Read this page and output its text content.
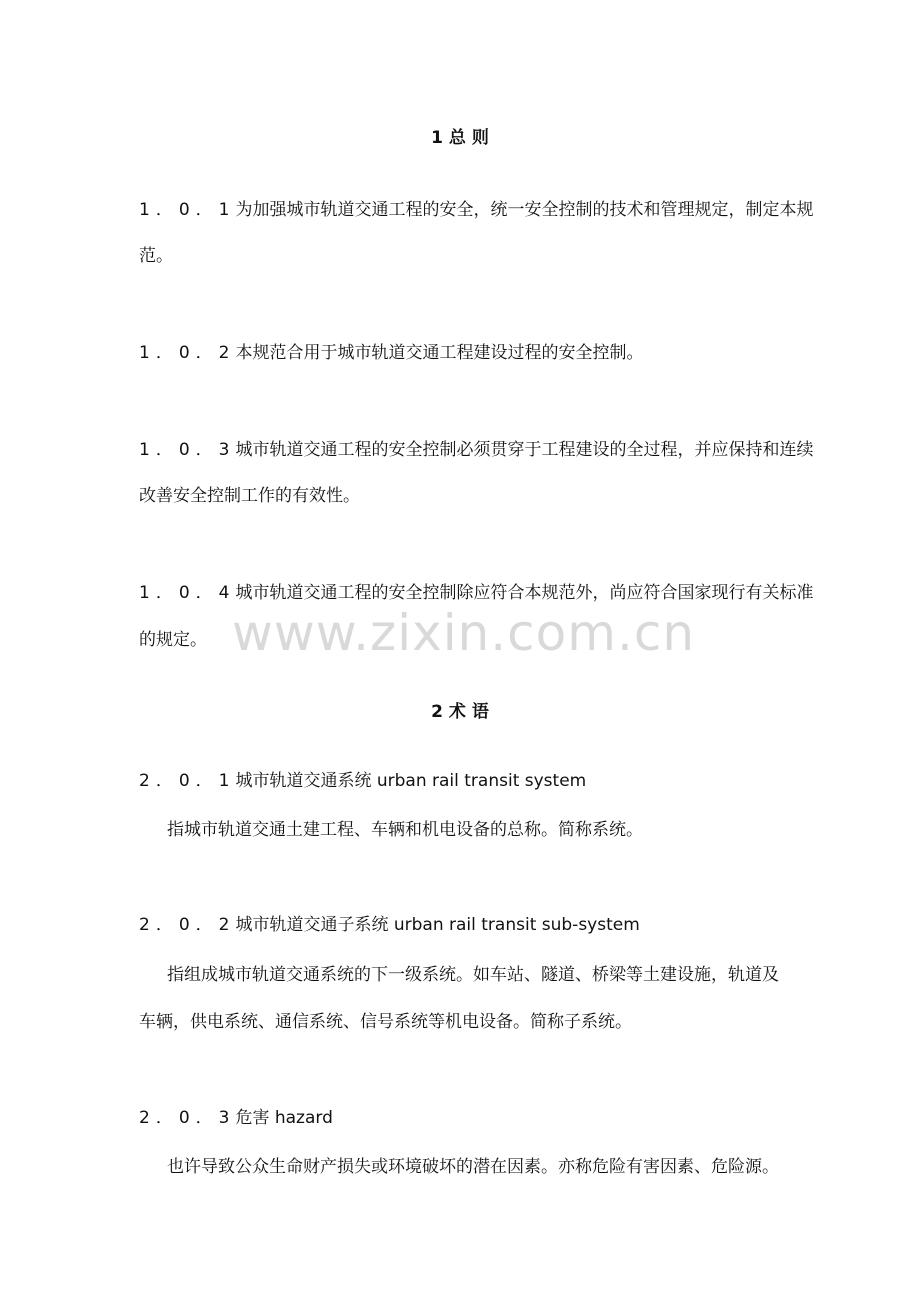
1 总 则
1．0．1为加强城市轨道交通工程的安全，统一安全控制的技术和管理规定，制定本规
范。
1．0．2本规范合用于城市轨道交通工程建设过程的安全控制。
1．0．3城市轨道交通工程的安全控制必须贯穿于工程建设的全过程，并应保持和连续
改善安全控制工作的有效性。
1．0．4城市轨道交通工程的安全控制除应符合本规范外，尚应符合国家现行有关标准
的规定。 www.zixin.com.cn
2 术 语
2．0．1城市轨道交通系统 urban rail transit system
指城市轨道交通土建工程、车辆和机电设备的总称。简称系统。
2．0．2城市轨道交通子系统 urban rail transit sub-system
指组成城市轨道交通系统的下一级系统。如车站、隧道、桥梁等土建设施，轨道及
车辆，供电系统、通信系统、信号系统等机电设备。简称子系统。
2．0．3危害 hazard
也许导致公众生命财产损失或环境破坏的潜在因素。亦称危险有害因素、危险源。
